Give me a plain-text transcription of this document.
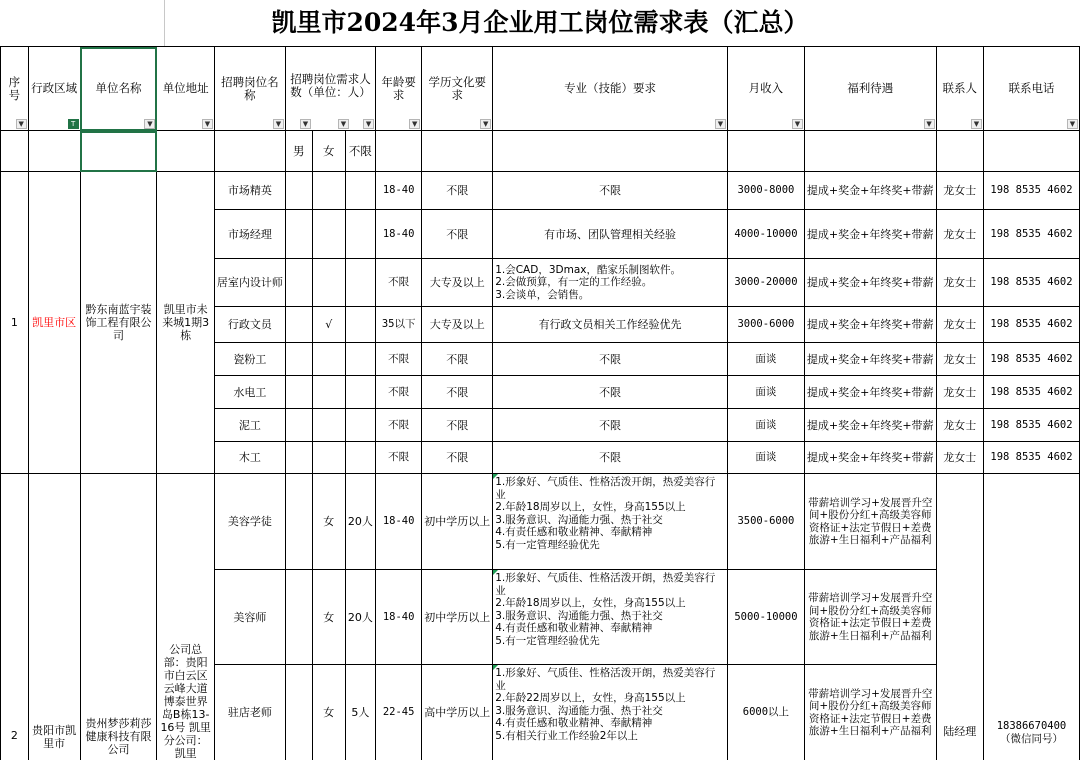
凯里市2024年3月企业用工岗位需求表（汇总）
序号
▼	行政区域
T	单位名称
▼	单位地址
▼	招聘岗位名称
▼	招聘岗位需求人数（单位：人）
▼ ▼ ▼			年龄要求
▼	学历文化要求
▼	专业（技能）要求
▼	月收入
▼	福利待遇
▼	联系人
▼	联系电话
▼

					男	女	不限							
1	凯里市区	黔东南蓝宇装饰工程有限公司	凯里市未来城1期3栋	市场精英				18-40	不限	不限	3000-8000	提成+奖金+年终奖+带薪	龙女士	198 8535 4602
				市场经理				18-40	不限	有市场、团队管理相关经验	4000-10000	提成+奖金+年终奖+带薪	龙女士	198 8535 4602
				居室内设计师				不限	大专及以上	1.会CAD，3Dmax，酷家乐制图软件。
2.会做预算，有一定的工作经验。
3.会谈单，会销售。	3000-20000	提成+奖金+年终奖+带薪	龙女士	198 8535 4602
				行政文员		√		35以下	大专及以上	有行政文员相关工作经验优先	3000-6000	提成+奖金+年终奖+带薪	龙女士	198 8535 4602
				瓷粉工				不限	不限	不限	面谈	提成+奖金+年终奖+带薪	龙女士	198 8535 4602
				水电工				不限	不限	不限	面谈	提成+奖金+年终奖+带薪	龙女士	198 8535 4602
				泥工				不限	不限	不限	面谈	提成+奖金+年终奖+带薪	龙女士	198 8535 4602
				木工				不限	不限	不限	面谈	提成+奖金+年终奖+带薪	龙女士	198 8535 4602
2	贵阳市凯里市	贵州梦莎莉莎健康科技有限公司	公司总部：贵阳市白云区云峰大道博泰世界岛B栋13-16号 凯里分公司：凯里	美容学徒		女	20人	18-40	初中学历以上	1.形象好、气质佳、性格活泼开朗，热爱美容行业
2.年龄18周岁以上，女性，身高155以上
3.服务意识、沟通能力强、热于社交
4.有责任感和敬业精神、奉献精神
5.有一定管理经验优先	3500-6000	带薪培训学习+发展晋升空间+股份分红+高级美容师资格证+法定节假日+差费旅游+生日福利+产品福利	陆经理	18386670400
（微信同号）
				美容师		女	20人	18-40	初中学历以上	1.形象好、气质佳、性格活泼开朗，热爱美容行业
2.年龄18周岁以上，女性，身高155以上
3.服务意识、沟通能力强、热于社交
4.有责任感和敬业精神、奉献精神
5.有一定管理经验优先	5000-10000	带薪培训学习+发展晋升空间+股份分红+高级美容师资格证+法定节假日+差费旅游+生日福利+产品福利		
				驻店老师		女	5人	22-45	高中学历以上	1.形象好、气质佳、性格活泼开朗，热爱美容行业
2.年龄22周岁以上，女性，身高155以上
3.服务意识、沟通能力强、热于社交
4.有责任感和敬业精神、奉献精神
5.有相关行业工作经验2年以上	6000以上	带薪培训学习+发展晋升空间+股份分红+高级美容师资格证+法定节假日+差费旅游+生日福利+产品福利		
